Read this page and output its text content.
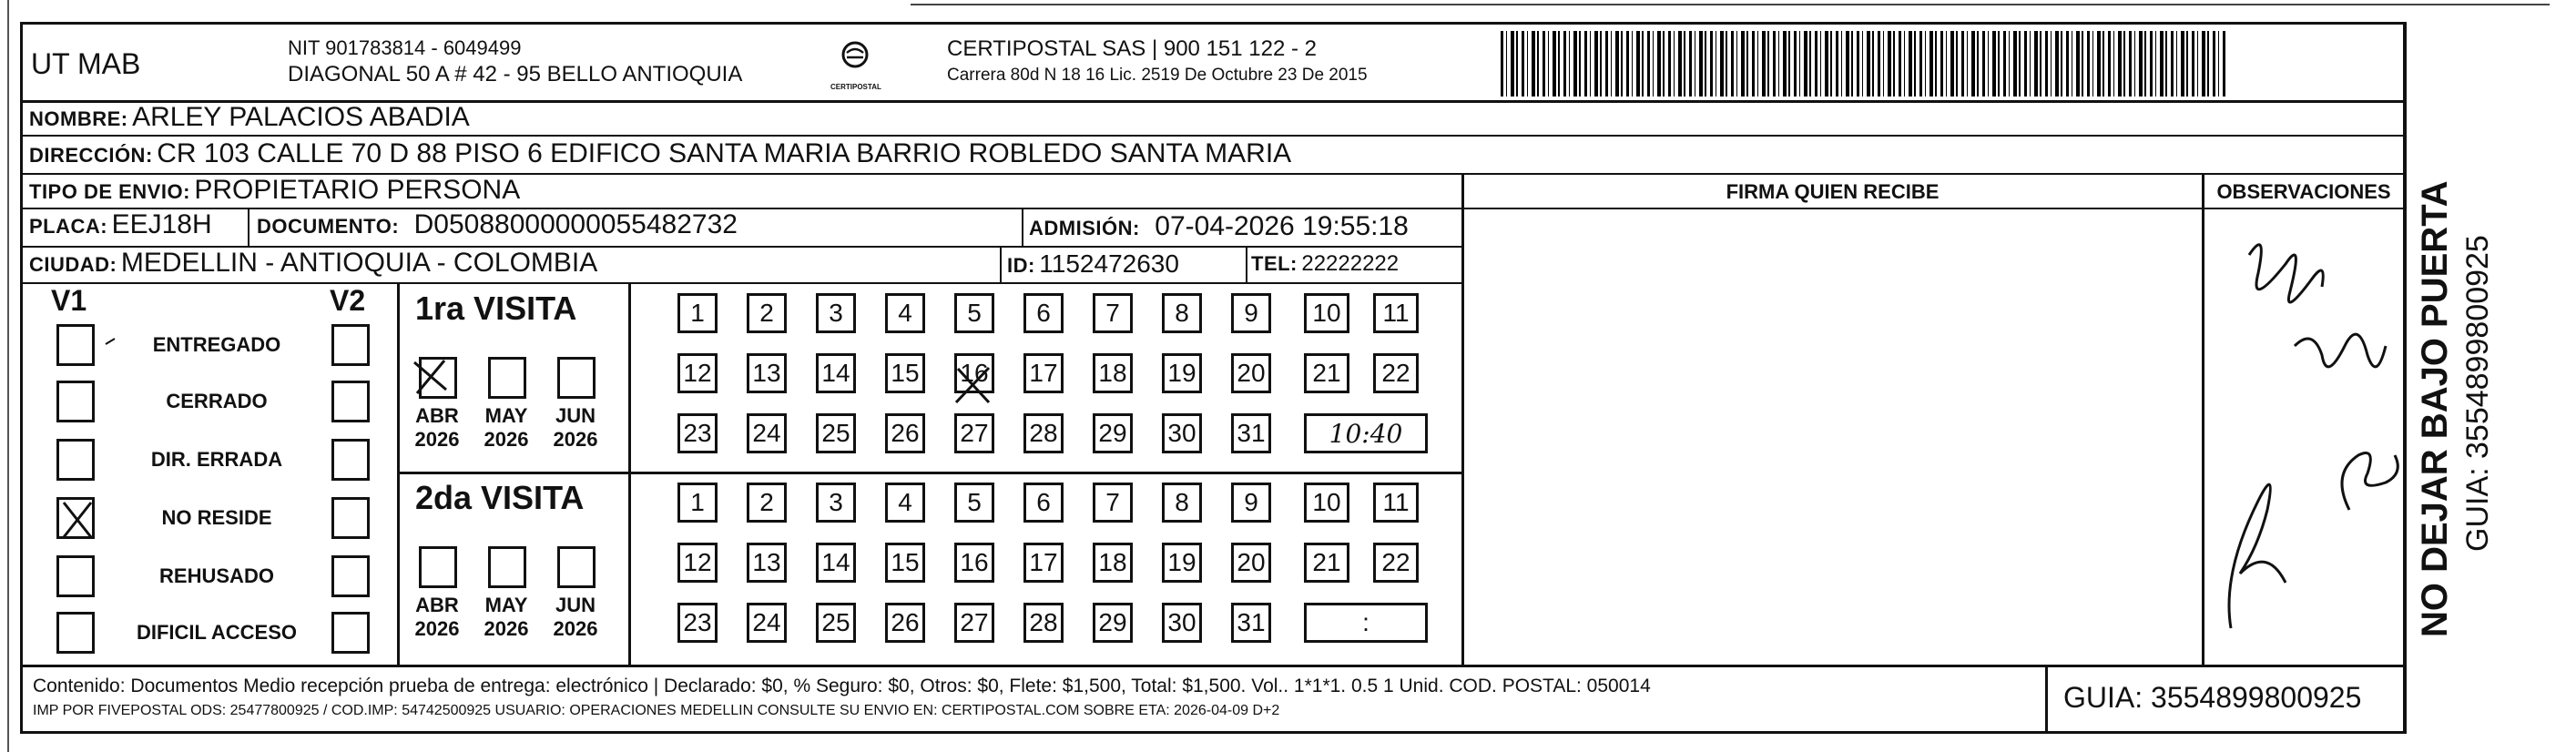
UT MAB	NIT 901783814 - 6049499
DIAGONAL 50 A # 42 - 95 BELLO ANTIOQUIA
CERTIPOSTAL
CERTIPOSTAL SAS | 900 151 122 - 2
Carrera 80d N 18 16 Lic. 2519 De Octubre 23 De 2015
NOMBRE: ARLEY PALACIOS ABADIA
DIRECCIÓN: CR 103 CALLE 70 D 88 PISO 6 EDIFICO SANTA MARIA BARRIO ROBLEDO SANTA MARIA
TIPO DE ENVIO: PROPIETARIO PERSONA	FIRMA QUIEN RECIBE	OBSERVACIONES
PLACA: EEJ18H DOCUMENTO: D05088000000055482732	ADMISIÓN: 07-04-2026 19:55:18
CIUDAD: MEDELLIN - ANTIOQUIA - COLOMBIA	ID: 1152472630	TEL: 22222222
V1	V2
ENTREGADO
CERRADO
DIR. ERRADA
NO RESIDE
REHUSADO
DIFICIL ACCESO
1ra VISITA
2da VISITA
ABR
2026
MAY
2026
JUN
2026
1	2	3	4	5	6	7	8	9	10	11
12 13 14 15 16 17 18 19 20	21	22
23 24 25 26 27 28 29 30 31	10:40
ABR
2026
MAY
2026
JUN
2026
1	2	3	4	5	6	7	8	9	10	11
12 13 14 15 16 17 18 19 20	21	22
23 24 25 26 27 28 29 30 31	:	NO DEJAR BAJO PUERTA GUIA: 3554899800925
Contenido: Documentos Medio recepción prueba de entrega: electrónico | Declarado: $0, % Seguro: $0, Otros: $0, Flete: $1,500, Total: $1,500. Vol.. 1*1*1. 0.5 1 Unid. COD. POSTAL: 050014
IMP POR FIVEPOSTAL ODS: 25477800925 / COD.IMP: 54742500925 USUARIO: OPERACIONES MEDELLIN CONSULTE SU ENVIO EN: CERTIPOSTAL.COM SOBRE ETA: 2026-04-09 D+2	GUIA: 3554899800925
